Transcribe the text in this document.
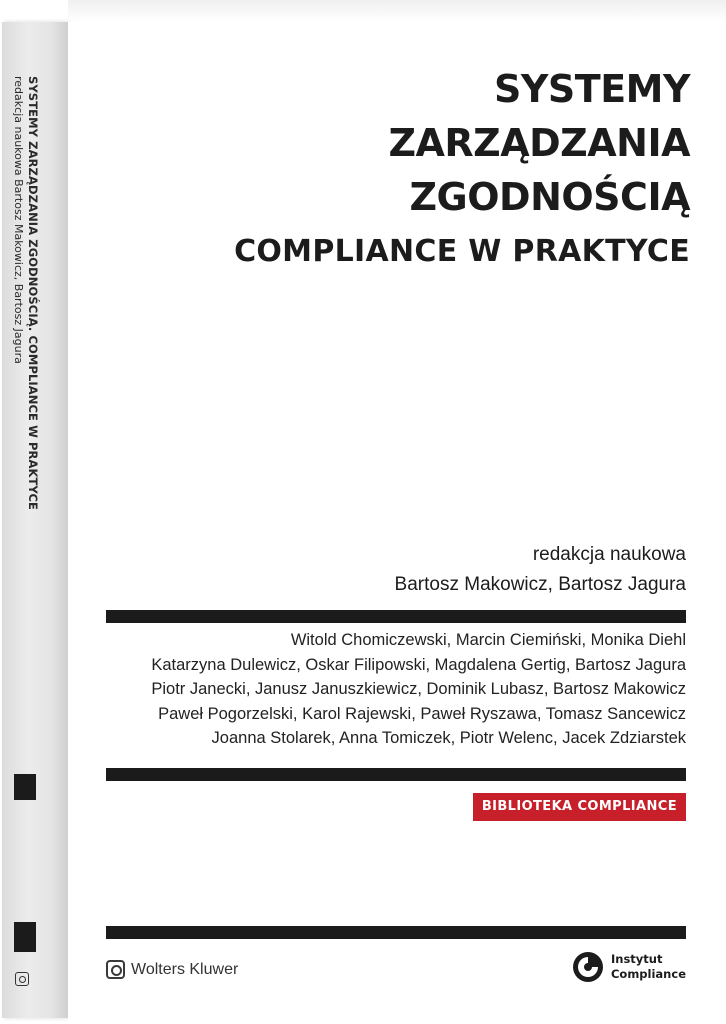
SYSTEMY ZARZĄDZANIA ZGODNOŚCIĄ. COMPLIANCE W PRAKTYCE
redakcja naukowa Bartosz Makowicz, Bartosz Jagura	SYSTEMY
ZARZĄDZANIA
ZGODNOŚCIĄ
COMPLIANCE W PRAKTYCE
redakcja naukowa
Bartosz Makowicz, Bartosz Jagura
Witold Chomiczewski, Marcin Ciemiński, Monika Diehl
Katarzyna Dulewicz, Oskar Filipowski, Magdalena Gertig, Bartosz Jagura
Piotr Janecki, Janusz Januszkiewicz, Dominik Lubasz, Bartosz Makowicz
Paweł Pogorzelski, Karol Rajewski, Paweł Ryszawa, Tomasz Sancewicz
Joanna Stolarek, Anna Tomiczek, Piotr Welenc, Jacek Zdziarstek
BIBLIOTEKA COMPLIANCE
Wolters Kluwer
Instytut
Compliance
